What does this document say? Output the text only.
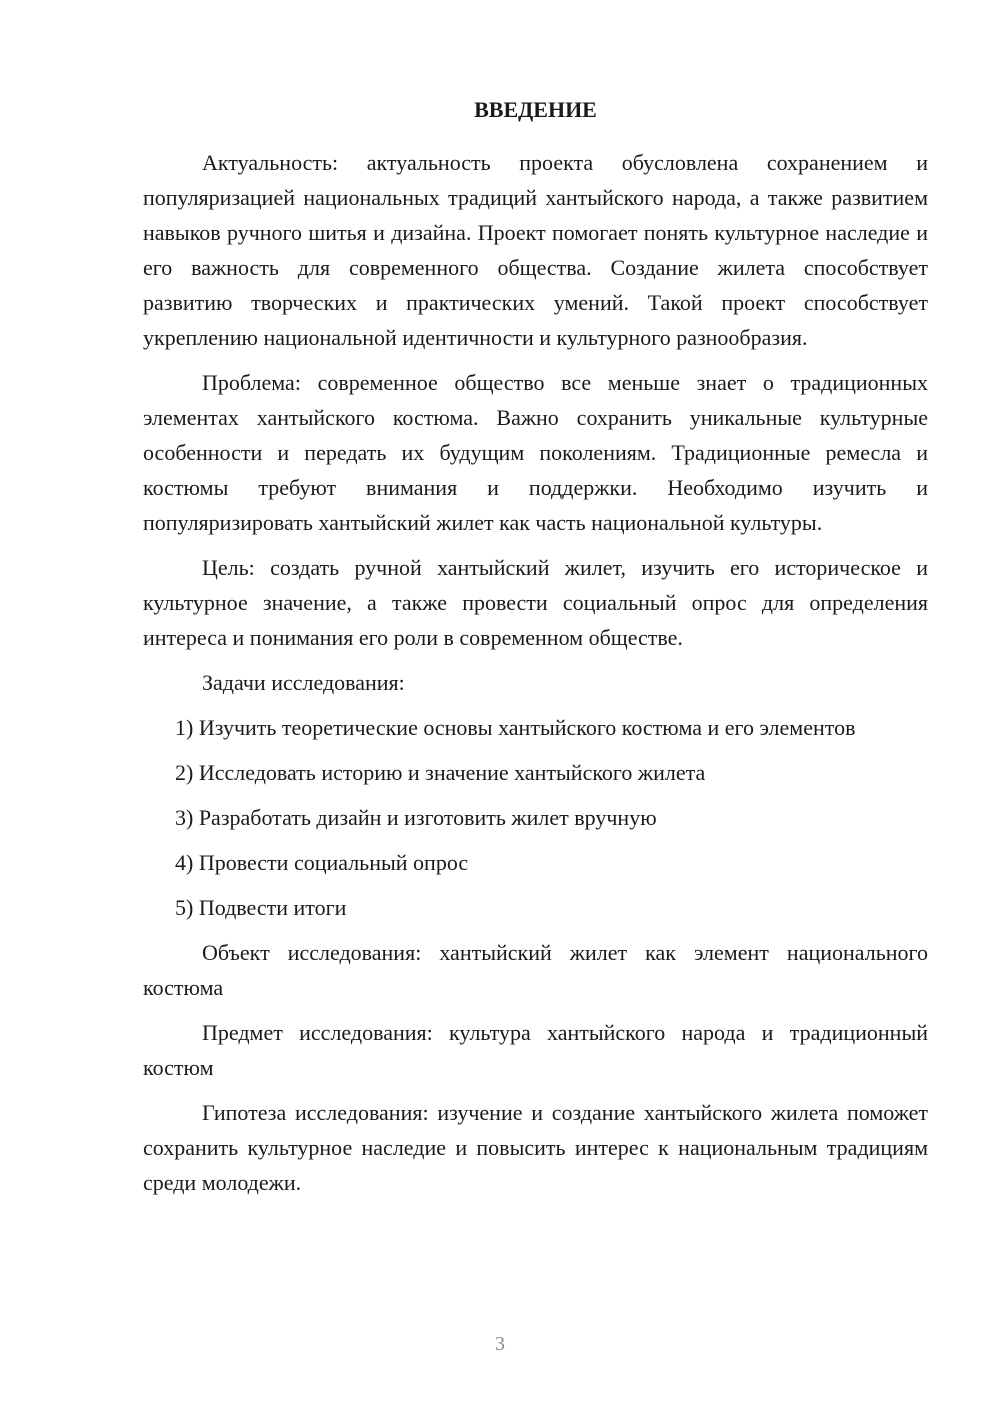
ВВЕДЕНИЕ

Актуальность: актуальность проекта обусловлена сохранением и популяризацией национальных традиций хантыйского народа, а также развитием навыков ручного шитья и дизайна. Проект помогает понять культурное наследие и его важность для современного общества. Создание жилета способствует развитию творческих и практических умений. Такой проект способствует укреплению национальной идентичности и культурного разнообразия.

Проблема: современное общество все меньше знает о традиционных элементах хантыйского костюма. Важно сохранить уникальные культурные особенности и передать их будущим поколениям. Традиционные ремесла и костюмы требуют внимания и поддержки. Необходимо изучить и популяризировать хантыйский жилет как часть национальной культуры.

Цель: создать ручной хантыйский жилет, изучить его историческое и культурное значение, а также провести социальный опрос для определения интереса и понимания его роли в современном обществе.

Задачи исследования:

1) Изучить теоретические основы хантыйского костюма и его элементов

2) Исследовать историю и значение хантыйского жилета

3) Разработать дизайн и изготовить жилет вручную

4) Провести социальный опрос

5) Подвести итоги

Объект исследования: хантыйский жилет как элемент национального костюма

Предмет исследования: культура хантыйского народа и традиционный костюм

Гипотеза исследования: изучение и создание хантыйского жилета поможет сохранить культурное наследие и повысить интерес к национальным традициям среди молодежи.

3
